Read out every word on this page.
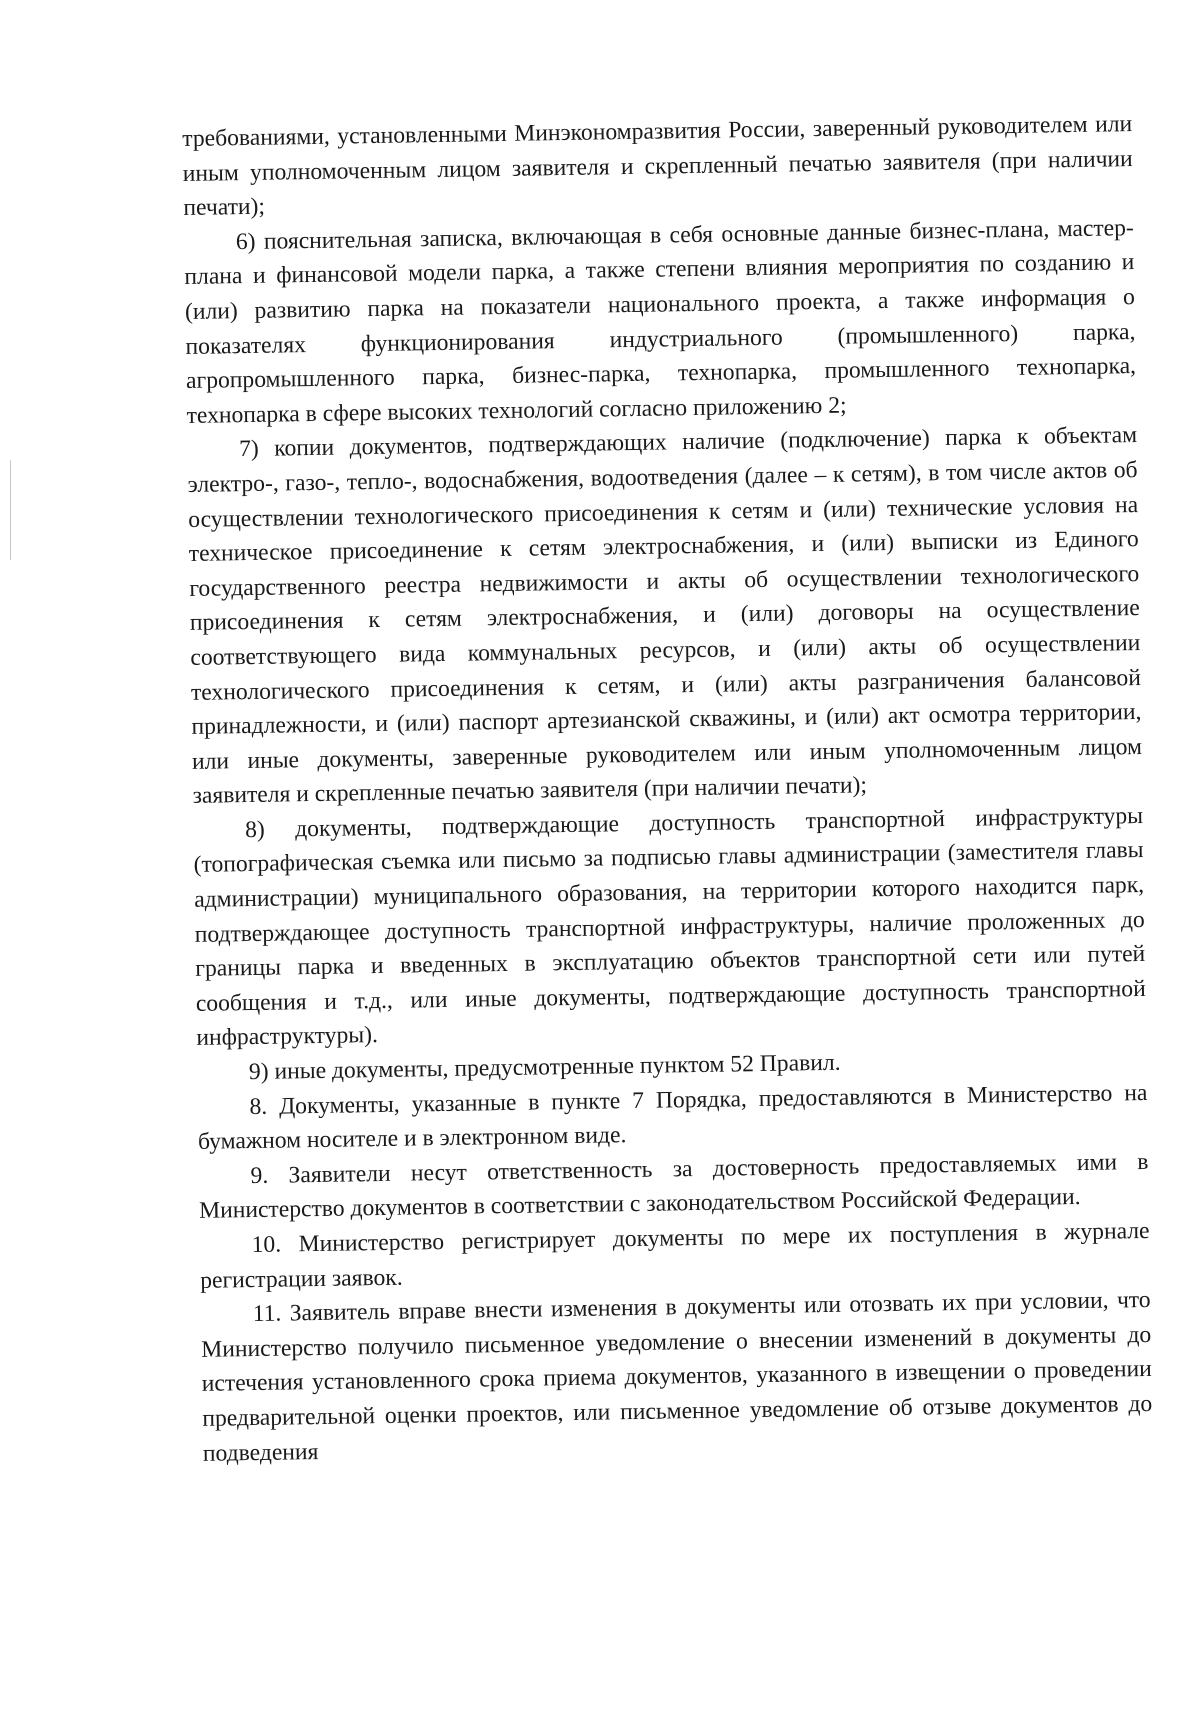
требованиями, установленными Минэкономразвития России, заверенный руководителем или иным уполномоченным лицом заявителя и скрепленный печатью заявителя (при наличии печати);

6) пояснительная записка, включающая в себя основные данные бизнес-плана, мастер-плана и финансовой модели парка, а также степени влияния мероприятия по созданию и (или) развитию парка на показатели национального проекта, а также информация о показателях функционирования индустриального (промышленного) парка, агропромышленного парка, бизнес-парка, технопарка, промышленного технопарка, технопарка в сфере высоких технологий согласно приложению 2;

7) копии документов, подтверждающих наличие (подключение) парка к объектам электро-, газо-, тепло-, водоснабжения, водоотведения (далее – к сетям), в том числе актов об осуществлении технологического присоединения к сетям и (или) технические условия на техническое присоединение к сетям электроснабжения, и (или) выписки из Единого государственного реестра недвижимости и акты об осуществлении технологического присоединения к сетям электроснабжения, и (или) договоры на осуществление соответствующего вида коммунальных ресурсов, и (или) акты об осуществлении технологического присоединения к сетям, и (или) акты разграничения балансовой принадлежности, и (или) паспорт артезианской скважины, и (или) акт осмотра территории, или иные документы, заверенные руководителем или иным уполномоченным лицом заявителя и скрепленные печатью заявителя (при наличии печати);

8) документы, подтверждающие доступность транспортной инфраструктуры (топографическая съемка или письмо за подписью главы администрации (заместителя главы администрации) муниципального образования, на территории которого находится парк, подтверждающее доступность транспортной инфраструктуры, наличие проложенных до границы парка и введенных в эксплуатацию объектов транспортной сети или путей сообщения и т.д., или иные документы, подтверждающие доступность транспортной инфраструктуры).

9) иные документы, предусмотренные пунктом 52 Правил.

8. Документы, указанные в пункте 7 Порядка, предоставляются в Министерство на бумажном носителе и в электронном виде.

9. Заявители несут ответственность за достоверность предоставляемых ими в Министерство документов в соответствии с законодательством Российской Федерации.

10. Министерство регистрирует документы по мере их поступления в журнале регистрации заявок.

11. Заявитель вправе внести изменения в документы или отозвать их при условии, что Министерство получило письменное уведомление о внесении изменений в документы до истечения установленного срока приема документов, указанного в извещении о проведении предварительной оценки проектов, или письменное уведомление об отзыве документов до подведения
